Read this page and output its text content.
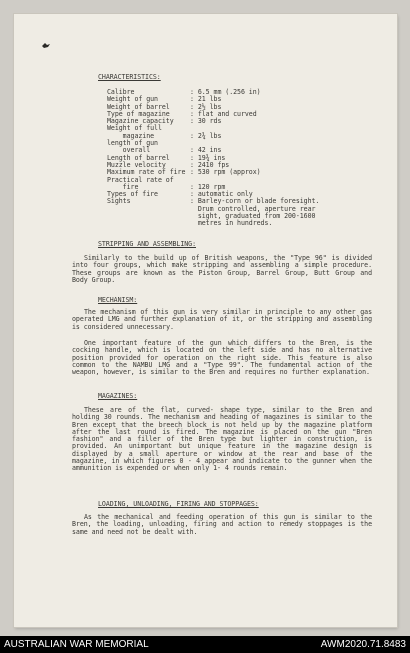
CHARACTERISTICS:
Calibre
Weight of gun
Weight of barrel
Type of magazine
Magazine capacity
Weight of full
magazine
length of gun
overall
Length of barrel
Muzzle velocity
Maximum rate of fire
Practical rate of
fire
Types of fire
Sights
: 6.5 mm (.256 in)
: 21 lbs
: 2½ lbs
: flat and curved
: 30 rds

: 2¾ lbs

: 42 ins
: 19¾ ins
: 2410 fps
: 530 rpm (approx)

: 120 rpm
: automatic only
: Barley-corn or blade foresight.
Drum controlled, aperture rear
sight, graduated from 200-1600
metres in hundreds.
STRIPPING AND ASSEMBLING:

Similarly to the build up of British weapons, the "Type 96" is divided into four groups, which make stripping and assembling a simple procedure. These groups are known as the Piston Group, Barrel Group, Butt Group and Body Group.

MECHANISM:

The mechanism of this gun is very similar in principle to any other gas operated LMG and further explanation of it, or the stripping and assembling is considered unnecessary.

One important feature of the gun which differs to the Bren, is the cocking handle, which is located on the left side and has no alternative position provided for operation on the right side. This feature is also common to the NAMBU LMG and a "Type 99". The fundamental action of the weapon, however, is similar to the Bren and requires no further explanation.

MAGAZINES:

These are of the flat, curved- shape type, similar to the Bren and holding 30 rounds. The mechanism and heading of magazines is similar to the Bren except that the breech block is not held up by the magazine platform after the last round is fired. The magazine is placed on the gun "Bren fashion" and a filler of the Bren type but lighter in construction, is provided. An unimportant but unique feature in the magazine design is displayed by a small aperture or window at the rear and base of the magazine, in which figures 0 - 4 appear and indicate to the gunner when the ammunition is expended or when only 1- 4 rounds remain.

LOADING, UNLOADING, FIRING AND STOPPAGES:

As the mechanical and feeding operation of this gun is similar to the Bren, the loading, unloading, firing and action to remedy stoppages is the same and need not be dealt with.

AUSTRALIAN WAR MEMORIAL	AWM2020.71.8483
